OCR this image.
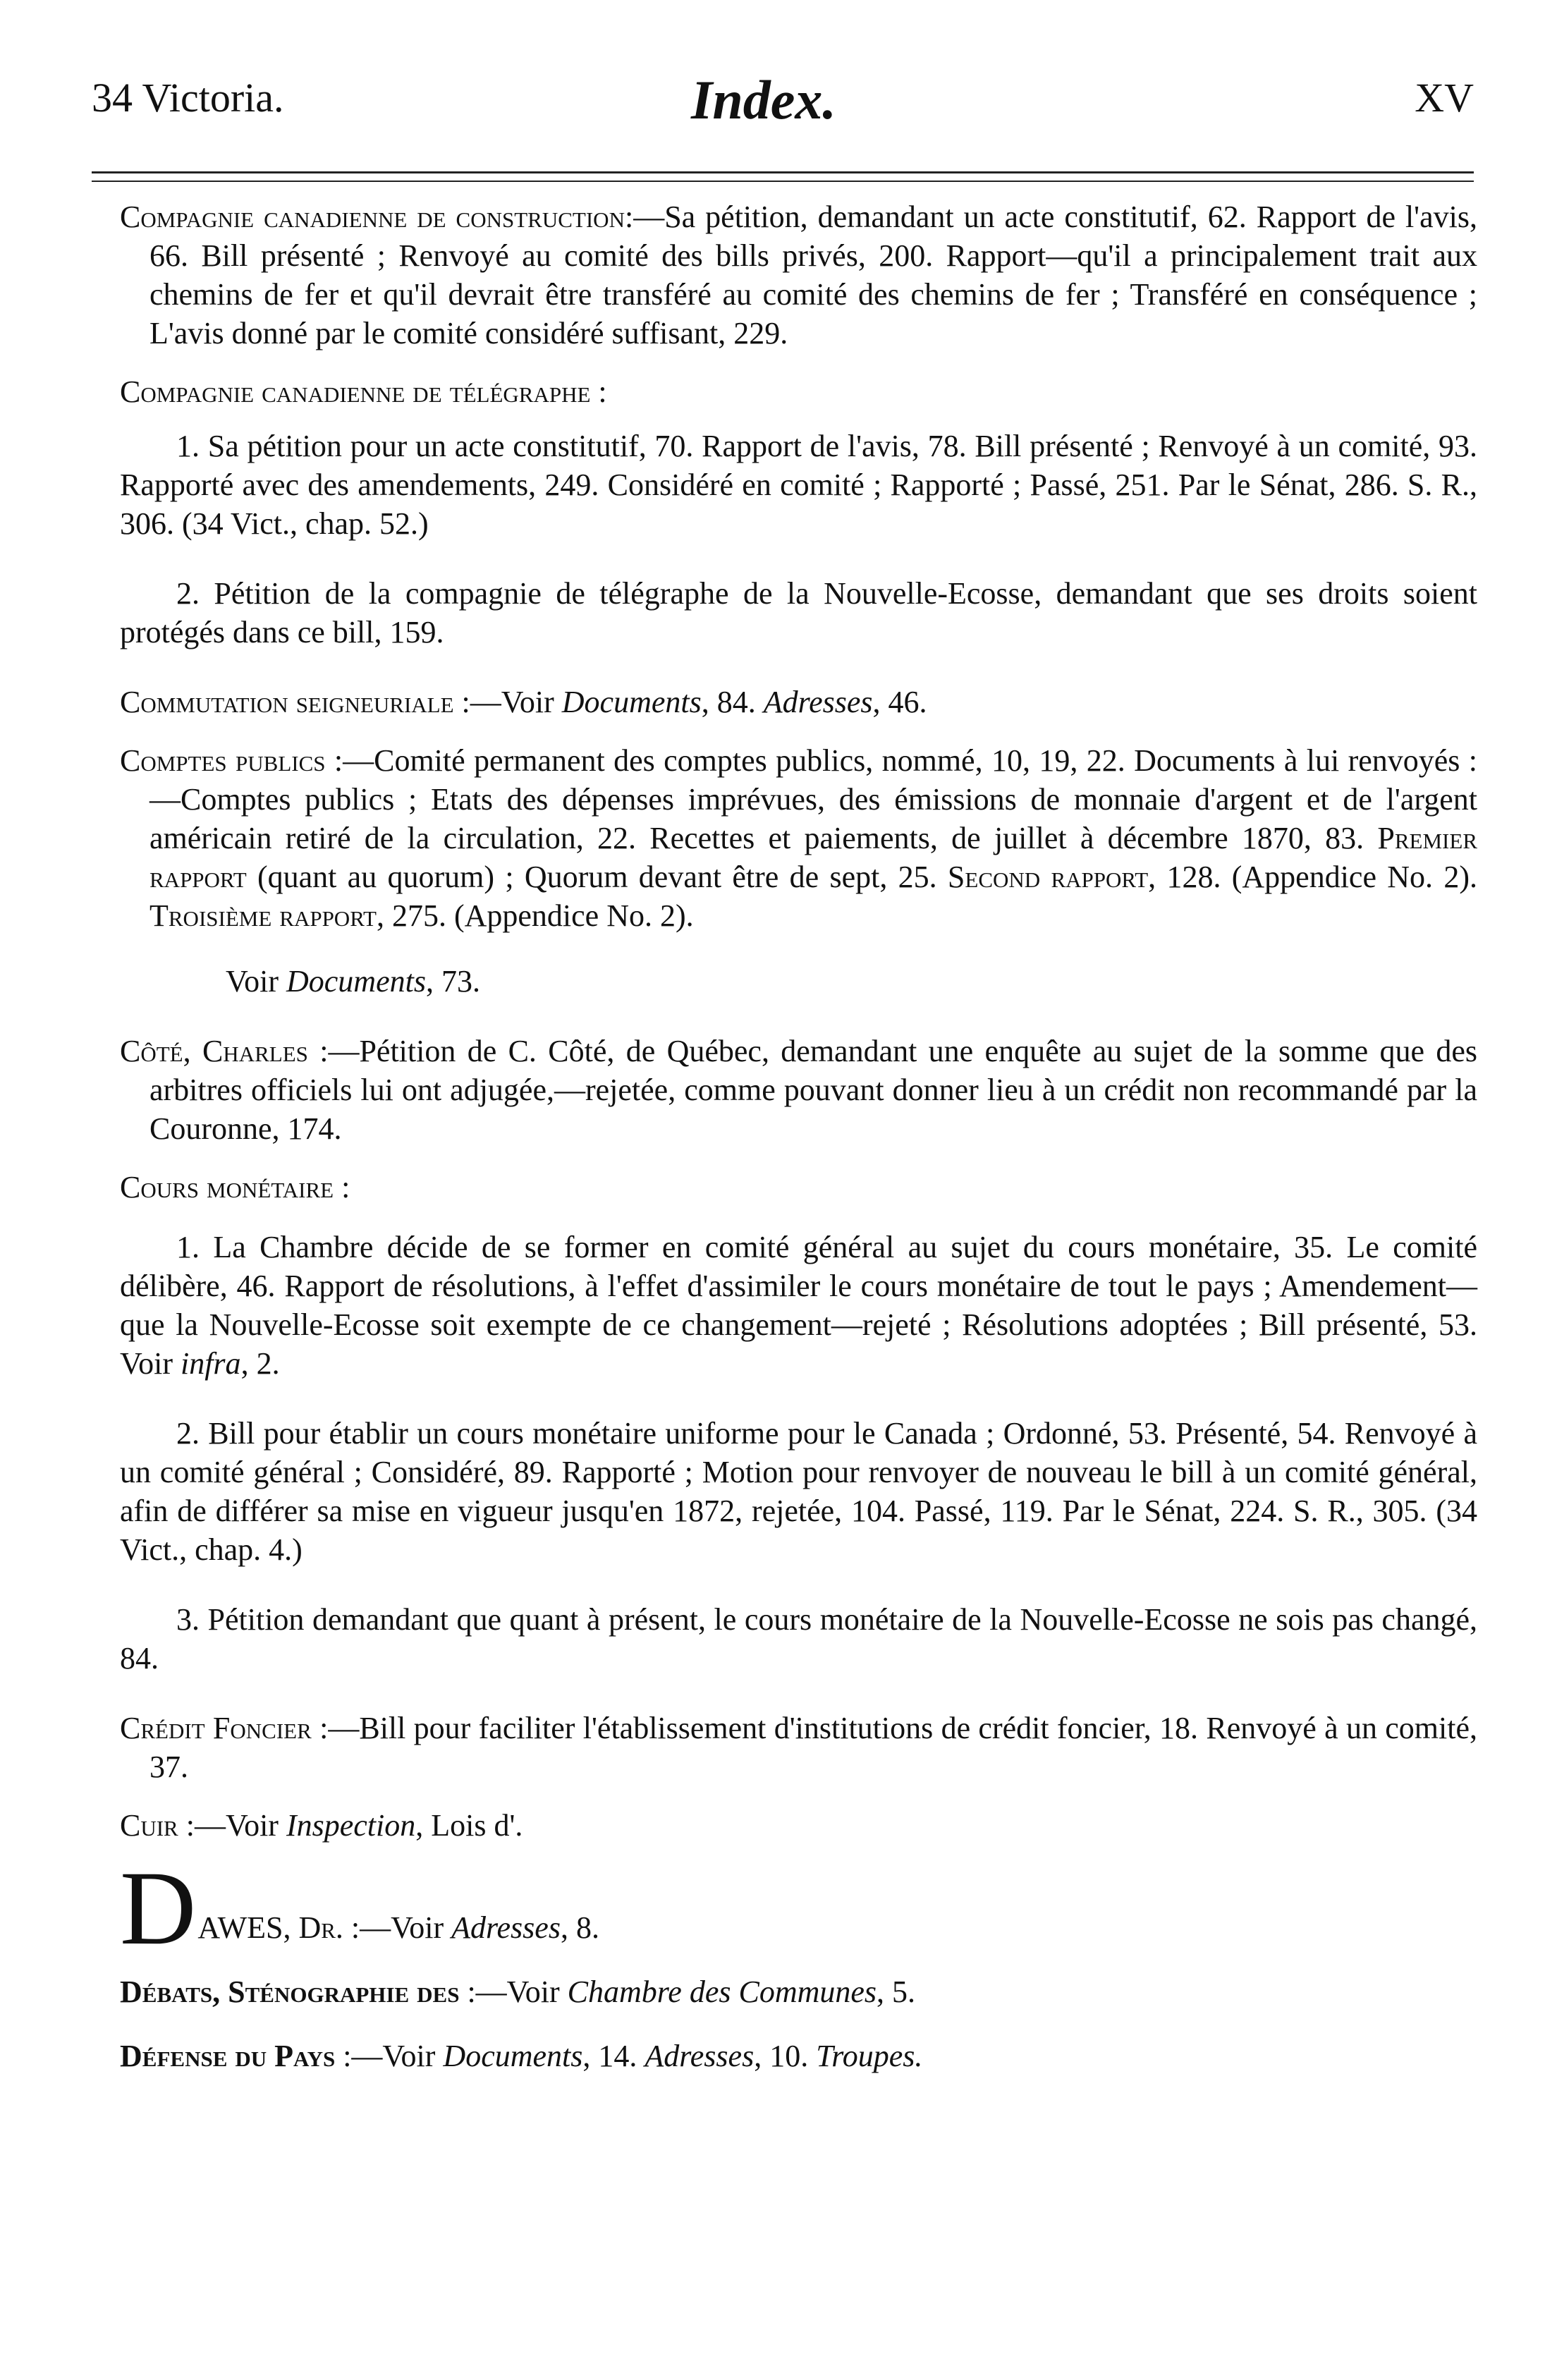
34 Victoria.	Index.	XV

Compagnie canadienne de construction:—Sa pétition, demandant un acte constitutif, 62. Rapport de l'avis, 66. Bill présenté ; Renvoyé au comité des bills privés, 200. Rapport—qu'il a principalement trait aux chemins de fer et qu'il devrait être transféré au comité des chemins de fer ; Transféré en conséquence ; L'avis donné par le comité considéré suffisant, 229.

Compagnie canadienne de télégraphe :

1. Sa pétition pour un acte constitutif, 70. Rapport de l'avis, 78. Bill présenté ; Renvoyé à un comité, 93. Rapporté avec des amendements, 249. Considéré en comité ; Rapporté ; Passé, 251. Par le Sénat, 286. S. R., 306. (34 Vict., chap. 52.)

2. Pétition de la compagnie de télégraphe de la Nouvelle-Ecosse, demandant que ses droits soient protégés dans ce bill, 159.

Commutation seigneuriale :—Voir Documents, 84. Adresses, 46.

Comptes publics :—Comité permanent des comptes publics, nommé, 10, 19, 22. Documents à lui renvoyés :—Comptes publics ; Etats des dépenses imprévues, des émissions de monnaie d'argent et de l'argent américain retiré de la circulation, 22. Recettes et paiements, de juillet à décembre 1870, 83. Premier rapport (quant au quorum) ; Quorum devant être de sept, 25. Second rapport, 128. (Appendice No. 2). Troisième rapport, 275. (Appendice No. 2).

Voir Documents, 73.

Côté, Charles :—Pétition de C. Côté, de Québec, demandant une enquête au sujet de la somme que des arbitres officiels lui ont adjugée,—rejetée, comme pouvant donner lieu à un crédit non recommandé par la Couronne, 174.

Cours monétaire :

1. La Chambre décide de se former en comité général au sujet du cours monétaire, 35. Le comité délibère, 46. Rapport de résolutions, à l'effet d'assimiler le cours monétaire de tout le pays ; Amendement—que la Nouvelle-Ecosse soit exempte de ce changement—rejeté ; Résolutions adoptées ; Bill présenté, 53. Voir infra, 2.

2. Bill pour établir un cours monétaire uniforme pour le Canada ; Ordonné, 53. Présenté, 54. Renvoyé à un comité général ; Considéré, 89. Rapporté ; Motion pour renvoyer de nouveau le bill à un comité général, afin de différer sa mise en vigueur jusqu'en 1872, rejetée, 104. Passé, 119. Par le Sénat, 224. S. R., 305. (34 Vict., chap. 4.)

3. Pétition demandant que quant à présent, le cours monétaire de la Nouvelle-Ecosse ne sois pas changé, 84.

Crédit Foncier :—Bill pour faciliter l'établissement d'institutions de crédit foncier, 18. Renvoyé à un comité, 37.

Cuir :—Voir Inspection, Lois d'.

D AWES, Dr. :—Voir Adresses, 8.

Débats, Sténographie des :—Voir Chambre des Communes, 5.

Défense du Pays :—Voir Documents, 14. Adresses, 10. Troupes.
